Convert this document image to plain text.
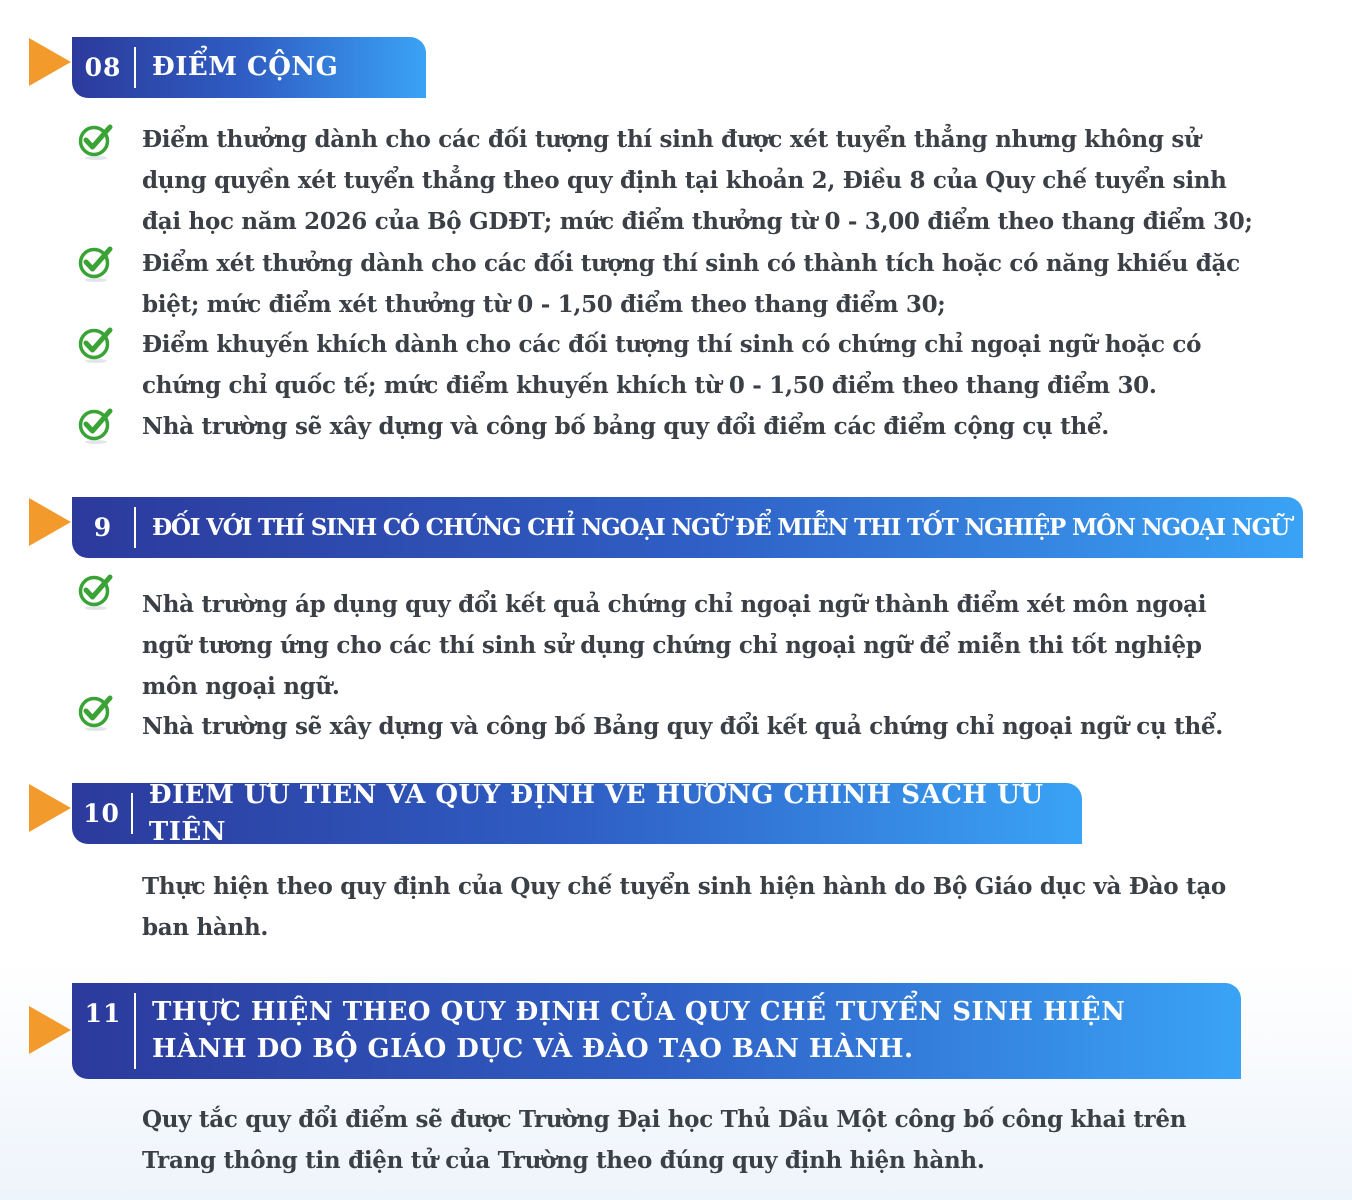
08	ĐIỂM CỘNG
Điểm thưởng dành cho các đối tượng thí sinh được xét tuyển thẳng nhưng không sử dụng quyền xét tuyển thẳng theo quy định tại khoản 2, Điều 8 của Quy chế tuyển sinh đại học năm 2026 của Bộ GDĐT; mức điểm thưởng từ 0 - 3,00 điểm theo thang điểm 30;
Điểm xét thưởng dành cho các đối tượng thí sinh có thành tích hoặc có năng khiếu đặc biệt; mức điểm xét thưởng từ 0 - 1,50 điểm theo thang điểm 30;
Điểm khuyến khích dành cho các đối tượng thí sinh có chứng chỉ ngoại ngữ hoặc có chứng chỉ quốc tế; mức điểm khuyến khích từ 0 - 1,50 điểm theo thang điểm 30.
Nhà trường sẽ xây dựng và công bố bảng quy đổi điểm các điểm cộng cụ thể.
9	ĐỐI VỚI THÍ SINH CÓ CHỨNG CHỈ NGOẠI NGỮ ĐỂ MIỄN THI TỐT NGHIỆP MÔN NGOẠI NGỮ
Nhà trường áp dụng quy đổi kết quả chứng chỉ ngoại ngữ thành điểm xét môn ngoại ngữ tương ứng cho các thí sinh sử dụng chứng chỉ ngoại ngữ để miễn thi tốt nghiệp môn ngoại ngữ.
Nhà trường sẽ xây dựng và công bố Bảng quy đổi kết quả chứng chỉ ngoại ngữ cụ thể.
10
ĐIỂM ƯU TIÊN VÀ QUY ĐỊNH VỀ HƯỞNG CHÍNH SÁCH ƯU TIÊN
Thực hiện theo quy định của Quy chế tuyển sinh hiện hành do Bộ Giáo dục và Đào tạo ban hành.
11	THỰC HIỆN THEO QUY ĐỊNH CỦA QUY CHẾ TUYỂN SINH HIỆN HÀNH DO BỘ GIÁO DỤC VÀ ĐÀO TẠO BAN HÀNH.
Quy tắc quy đổi điểm sẽ được Trường Đại học Thủ Dầu Một công bố công khai trên Trang thông tin điện tử của Trường theo đúng quy định hiện hành.
